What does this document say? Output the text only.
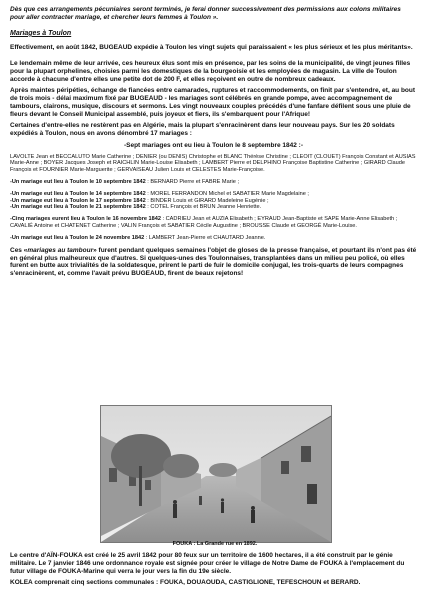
Dès que ces arrangements pécuniaires seront terminés, je ferai donner successivement des permissions aux colons militaires pour aller contracter mariage, et chercher leurs femmes à Toulon ».

Mariages à Toulon

Effectivement, en août 1842, BUGEAUD expédie à Toulon les vingt sujets qui paraissaient « les plus sérieux et les plus méritants».

Le lendemain même de leur arrivée, ces heureux élus sont mis en présence, par les soins de la municipalité, de vingt jeunes filles pour la plupart orphelines, choisies parmi les domestiques de la bourgeoisie et les employées de magasin. La ville de Toulon accorde à chacune d'entre elles une petite dot de 200 F, et elles reçoivent en outre de nombreux cadeaux.

Après maintes péripéties, échange de fiancées entre camarades, ruptures et raccommodements, on finit par s'entendre, et, au bout de trois mois - délai maximum fixé par BUGEAUD - les mariages sont célébrés en grande pompe, avec accompagnement de tambours, clairons, musique, discours et sermons. Les vingt nouveaux couples précédés d'une fanfare défilent sous une pluie de fleurs devant le Conseil Municipal assemblé, puis joyeux et fiers, ils s'embarquent pour l'Afrique!

Certaines d'entre-elles ne restèrent pas en Algérie, mais la plupart s'enracinèrent dans leur nouveau pays. Sur les 20 soldats expédiés à Toulon, nous en avons dénombré 17 mariages :

-Sept mariages ont eu lieu à Toulon le 8 septembre 1842 :-

LAVOLTE Jean et BECCALUTO Marie Catherine ; DENIER (ou DENIS) Christophe et BLANC Thérèse Christine ; CLEOIT (CLOUET) François Constant et AUSIAS Marie-Anne ; BOYER Jacques Joseph et RAICHLIN Marie-Louise Elisabeth ; LAMBERT Pierre et DELPHINO Françoise Baptistine Catherine ; GIRARD Claude François et FOURNIER Marie-Marguerite ; GERVAISEAU Julien Louis et CELESTES Marie-Françoise.

-Un mariage eut lieu à Toulon le 10 septembre 1842 : BERNARD Pierre et FABRE Marie ;

-Un mariage eut lieu à Toulon le 14 septembre 1842 : MOREL FERRANDON Michel et SABATIER Marie Magdelaine ;

-Un mariage eut lieu à Toulon le 17 septembre 1842 : BINDER Louis et GIRARD Madeleine Eugénie ;

-Un mariage eut lieu à Toulon le 21 septembre 1842 : COTEL François et BRUN Jeanne Henriette.

-Cinq mariages eurent lieu à Toulon le 16 novembre 1842 : CADRIEU Jean et AUZIA Elisabeth ; EYRAUD Jean-Baptiste et SAPE Marie-Anne Elisabeth ; CAVALIÉ Antoine et CHATENET Catherine ; VALIN François et SABATIER Cécile Augustine ; BROUSSE Claude et GEORGÉ Marie-Louise.

-Un mariage eut lieu à Toulon le 24 novembre 1842 : LAMBERT Jean-Pierre et CHAUTARD Jeanne.

Ces «mariages au tambour» furent pendant quelques semaines l'objet de gloses de la presse française, et pourtant ils n'ont pas été en général plus malheureux que d'autres. Si quelques-unes des Toulonnaises, transplantées dans un milieu peu policé, où elles furent en butte aux trivialités de la soldatesque, prirent le parti de fuir le domicile conjugal, les trois-quarts de leurs compagnes s'enracinèrent, et, comme l'avait prévu BUGEAUD, firent de beaux rejetons!

FOUKA : La Grande rue en 1892.

Le centre d'AÏN-FOUKA est créé le 25 avril 1842 pour 80 feux sur un territoire de 1600 hectares, il a été construit par le génie militaire. Le 7 janvier 1846 une ordonnance royale est signée pour créer le village de Notre Dame de FOUKA à l'emplacement du futur village de FOUKA-Marine qui verra le jour vers la fin du 19e siècle.

KOLEA comprenait cinq sections communales : FOUKA, DOUAOUDA, CASTIGLIONE, TEFESCHOUN et BERARD.
